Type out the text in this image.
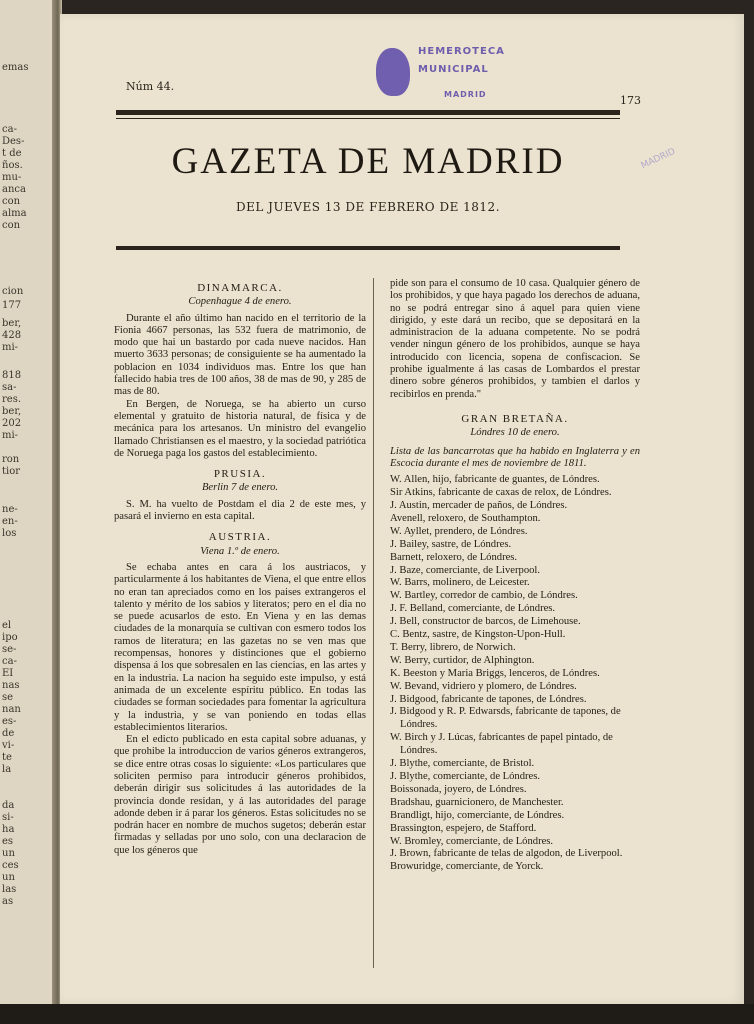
emas
ca-
Des-
t de
ños.
mu-
anca
con
alma
con
cion
177
ber,
428
mi-
818
sa-
res.
ber,
202
mi-
ron
tior
ne-
en-
los
el
ipo
se-
ca-
EI
nas
se
nan
es-
de
vi-
te
la
da
si-
ha
es
un
ces
un
las
as
Núm 44.
173
HEMEROTECA
MUNICIPAL
MADRID
MADRID
GAZETA DE MADRID
DEL JUEVES 13 DE FEBRERO DE 1812.
DINAMARCA.
Copenhague 4 de enero.

Durante el año último han nacido en el territorio de la Fionia 4667 personas, las 532 fuera de matrimonio, de modo que hai un bastardo por cada nueve nacidos. Han muerto 3633 personas; de consiguiente se ha aumentado la poblacion en 1034 individuos mas. Entre los que han fallecido habia tres de 100 años, 38 de mas de 90, y 285 de mas de 80.

En Bergen, de Noruega, se ha abierto un curso elemental y gratuito de historia natural, de física y de mecánica para los artesanos. Un ministro del evangelio llamado Christiansen es el maestro, y la sociedad patriótica de Noruega paga los gastos del establecimiento.

PRUSIA.
Berlin 7 de enero.

S. M. ha vuelto de Postdam el dia 2 de este mes, y pasará el invierno en esta capital.

AUSTRIA.
Viena 1.º de enero.

Se echaba antes en cara á los austriacos, y particularmente á los habitantes de Viena, el que entre ellos no eran tan apreciados como en los paises extrangeros el talento y mérito de los sabios y literatos; pero en el dia no se puede acusarlos de esto. En Viena y en las demas ciudades de la monarquía se cultivan con esmero todos los ramos de literatura; en las gazetas no se ven mas que recompensas, honores y distinciones que el gobierno dispensa á los que sobresalen en las ciencias, en las artes y en la industria. La nacion ha seguido este impulso, y está animada de un excelente espíritu público. En todas las ciudades se forman sociedades para fomentar la agricultura y la industria, y se van poniendo en todas ellas establecimientos literarios.

En el edicto publicado en esta capital sobre aduanas, y que prohibe la introduccion de varios géneros extrangeros, se dice entre otras cosas lo siguiente: «Los particulares que soliciten permiso para introducir géneros prohibidos, deberán dirigir sus solicitudes á las autoridades de la provincia donde residan, y á las autoridades del parage adonde deben ir á parar los géneros. Estas solicitudes no se podrán hacer en nombre de muchos sugetos; deberán estar firmadas y selladas por uno solo, con una declaracion de que los géneros que

pide son para el consumo de 10 casa. Qualquier género de los prohibidos, y que haya pagado los derechos de aduana, no se podrá entregar sino á aquel para quien viene dirigido, y este dará un recibo, que se depositará en la administracion de la aduana competente. No se podrá vender ningun género de los prohibidos, aunque se haya introducido con licencia, sopena de confiscacion. Se prohibe igualmente á las casas de Lombardos el prestar dinero sobre géneros prohibidos, y tambien el darlos y recibirlos en prenda."

GRAN BRETAÑA.
Lóndres 10 de enero.

Lista de las bancarrotas que ha habido en Inglaterra y en Escocia durante el mes de noviembre de 1811.

W. Allen, hijo, fabricante de guantes, de Lóndres.
Sir Atkins, fabricante de caxas de relox, de Lóndres.
J. Austin, mercader de paños, de Lóndres.
Avenell, reloxero, de Southampton.
W. Ayllet, prendero, de Lóndres.
J. Bailey, sastre, de Lóndres.
Barnett, reloxero, de Lóndres.
J. Baze, comerciante, de Liverpool.
W. Barrs, molinero, de Leicester.
W. Bartley, corredor de cambio, de Lóndres.
J. F. Belland, comerciante, de Lóndres.
J. Bell, constructor de barcos, de Limehouse.
C. Bentz, sastre, de Kingston-Upon-Hull.
T. Berry, librero, de Norwich.
W. Berry, curtidor, de Alphington.
K. Beeston y Maria Briggs, lenceros, de Lóndres.
W. Bevand, vidriero y plomero, de Lóndres.
J. Bidgood, fabricante de tapones, de Lóndres.
J. Bidgood y R. P. Edwarsds, fabricante de tapones, de Lóndres.
W. Birch y J. Lúcas, fabricantes de papel pintado, de Lóndres.
J. Blythe, comerciante, de Bristol.
J. Blythe, comerciante, de Lóndres.
Boissonada, joyero, de Lóndres.
Bradshau, guarnicionero, de Manchester.
Brandligt, hijo, comerciante, de Lóndres.
Brassington, espejero, de Stafford.
W. Bromley, comerciante, de Lóndres.
J. Brown, fabricante de telas de algodon, de Liverpool.
Browuridge, comerciante, de Yorck.
